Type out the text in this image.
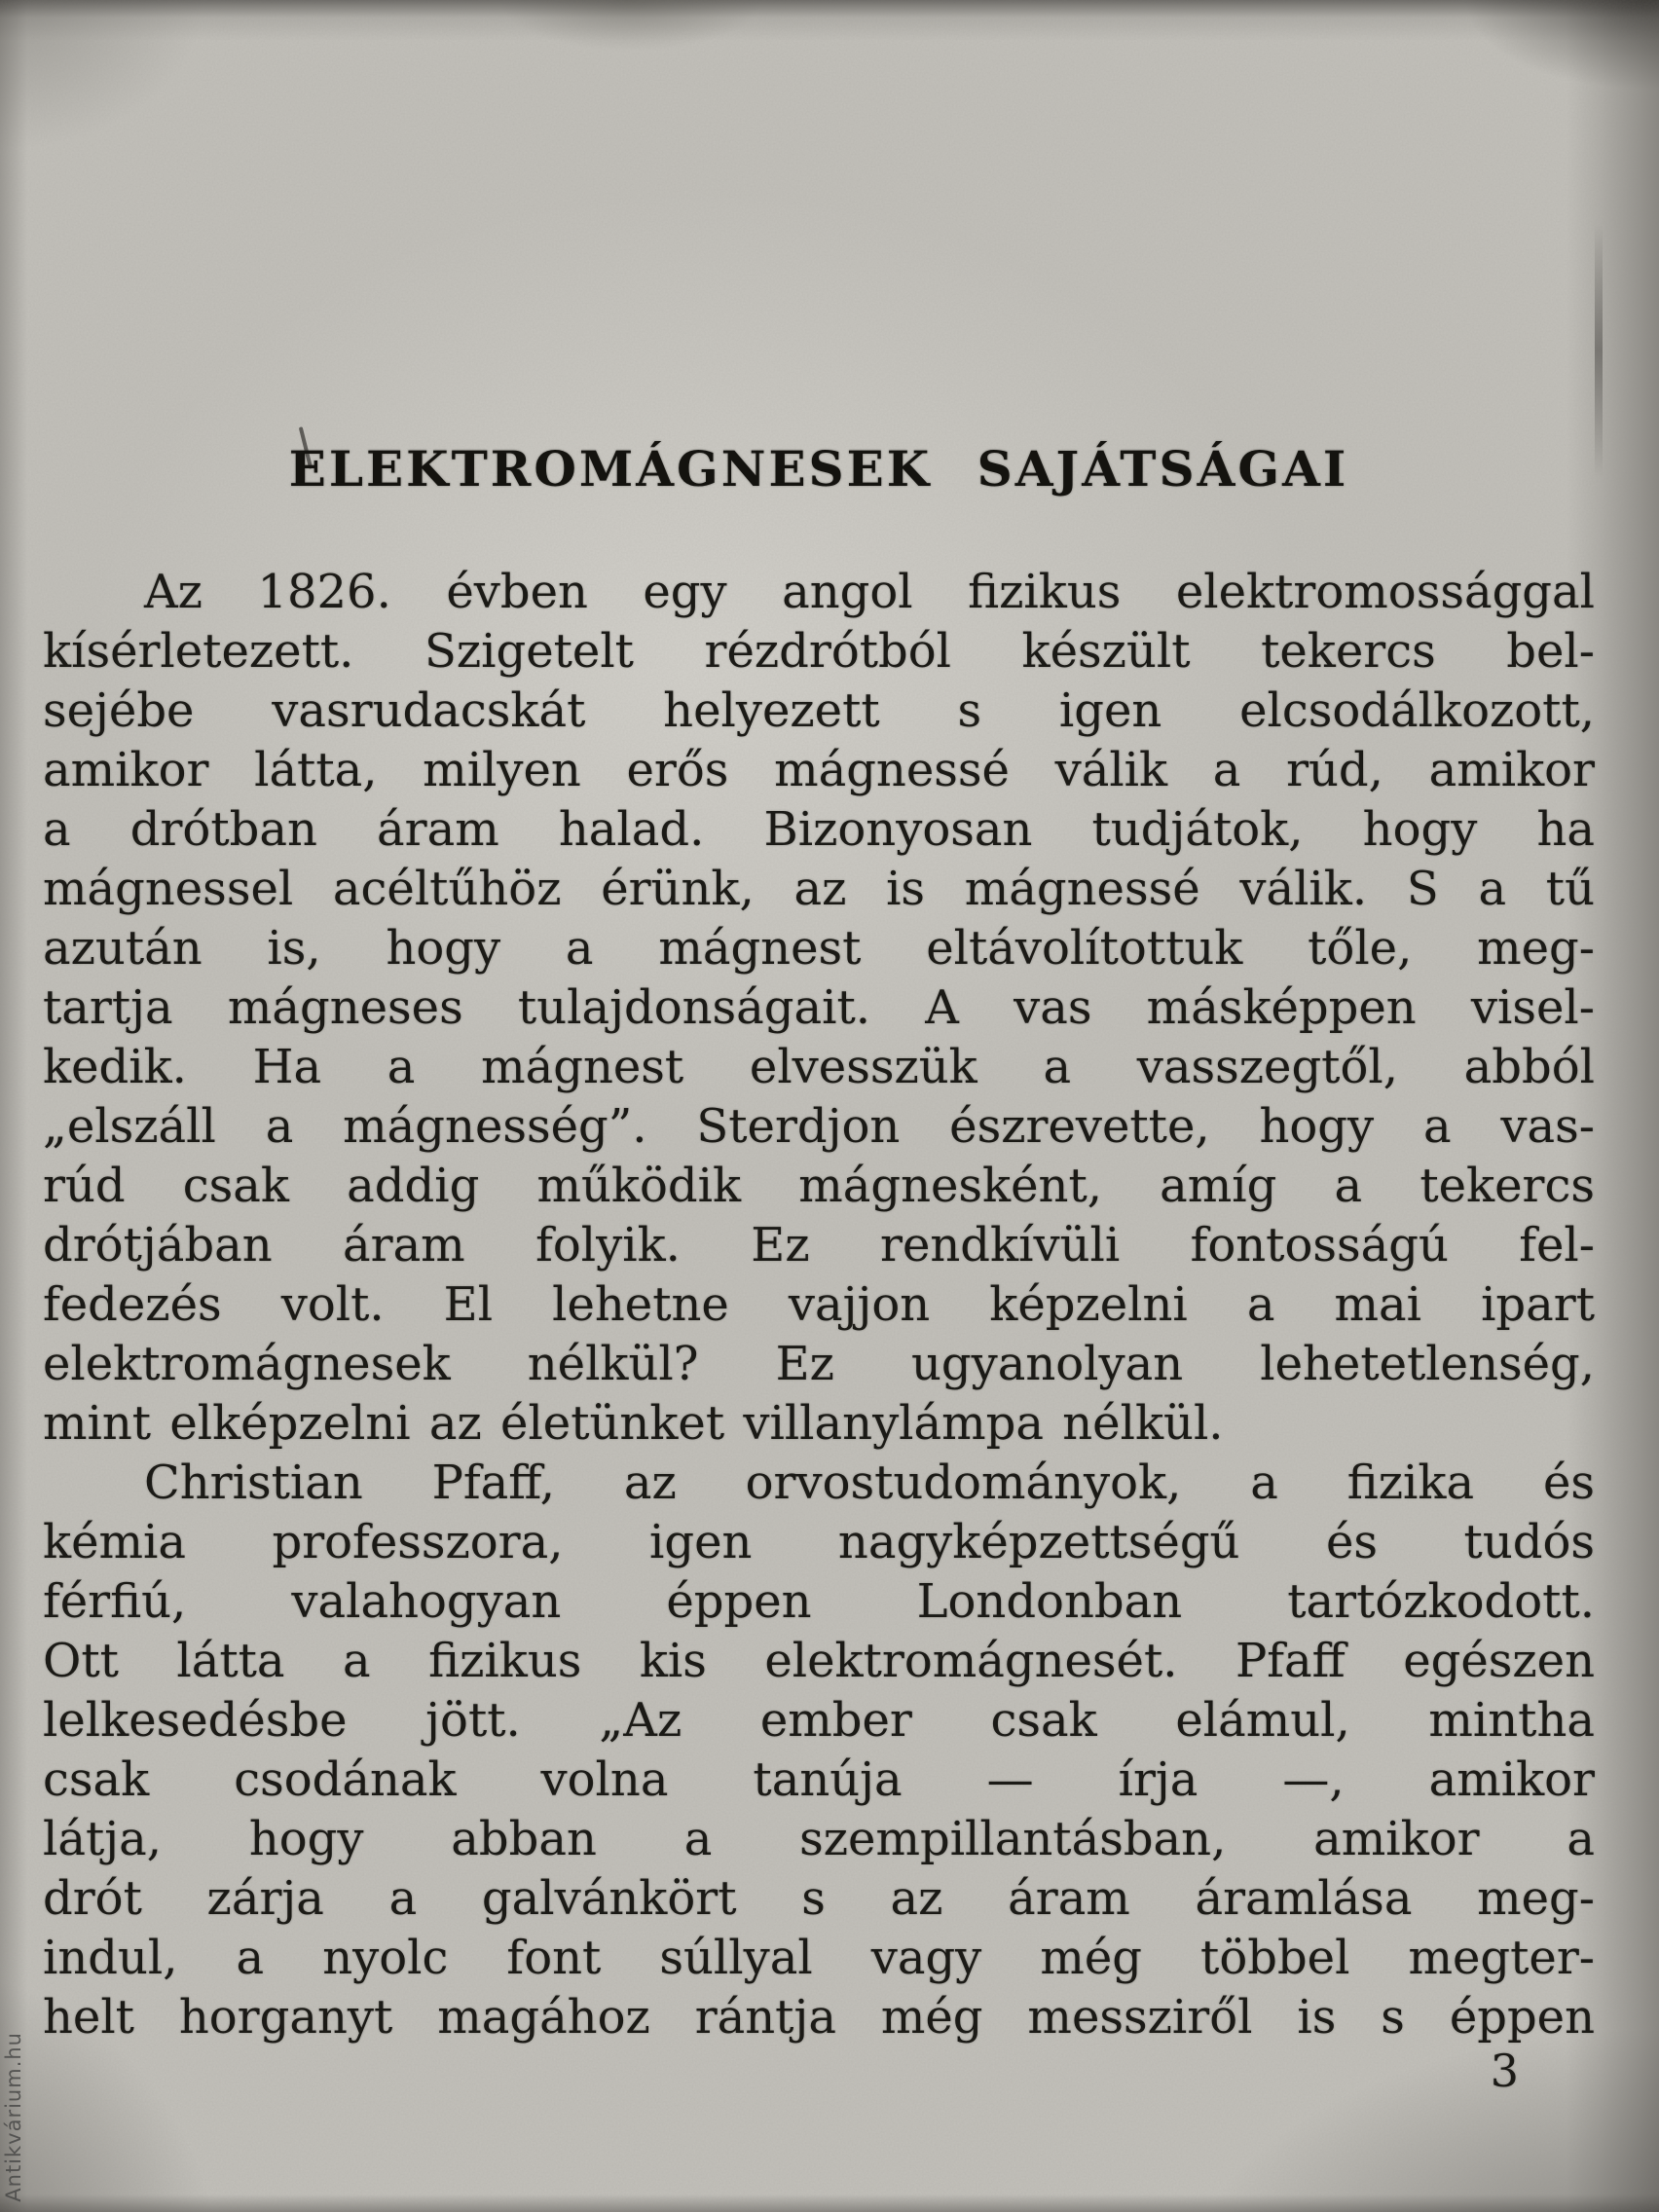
ELEKTROMÁGNESEK SAJÁTSÁGAI
Az 1826. évben egy angol fizikus elektromossággal
kísérletezett. Szigetelt rézdrótból készült tekercs bel-
sejébe vasrudacskát helyezett s igen elcsodálkozott,
amikor látta, milyen erős mágnessé válik a rúd, amikor
a drótban áram halad. Bizonyosan tudjátok, hogy ha
mágnessel acéltűhöz érünk, az is mágnessé válik. S a tű
azután is, hogy a mágnest eltávolítottuk tőle, meg-
tartja mágneses tulajdonságait. A vas másképpen visel-
kedik. Ha a mágnest elvesszük a vasszegtől, abból
„elszáll a mágnesség”. Sterdjon észrevette, hogy a vas-
rúd csak addig működik mágnesként, amíg a tekercs
drótjában áram folyik. Ez rendkívüli fontosságú fel-
fedezés volt. El lehetne vajjon képzelni a mai ipart
elektromágnesek nélkül? Ez ugyanolyan lehetetlenség,
mint elképzelni az életünket villanylámpa nélkül.
Christian Pfaff, az orvostudományok, a fizika és
kémia professzora, igen nagyképzettségű és tudós
férfiú, valahogyan éppen Londonban tartózkodott.
Ott látta a fizikus kis elektromágnesét. Pfaff egészen
lelkesedésbe jött. „Az ember csak elámul, mintha
csak csodának volna tanúja — írja —, amikor
látja, hogy abban a szempillantásban, amikor a
drót zárja a galvánkört s az áram áramlása meg-
indul, a nyolc font súllyal vagy még többel megter-
helt horganyt magához rántja még messziről is s éppen
3
Antikvárium.hu
